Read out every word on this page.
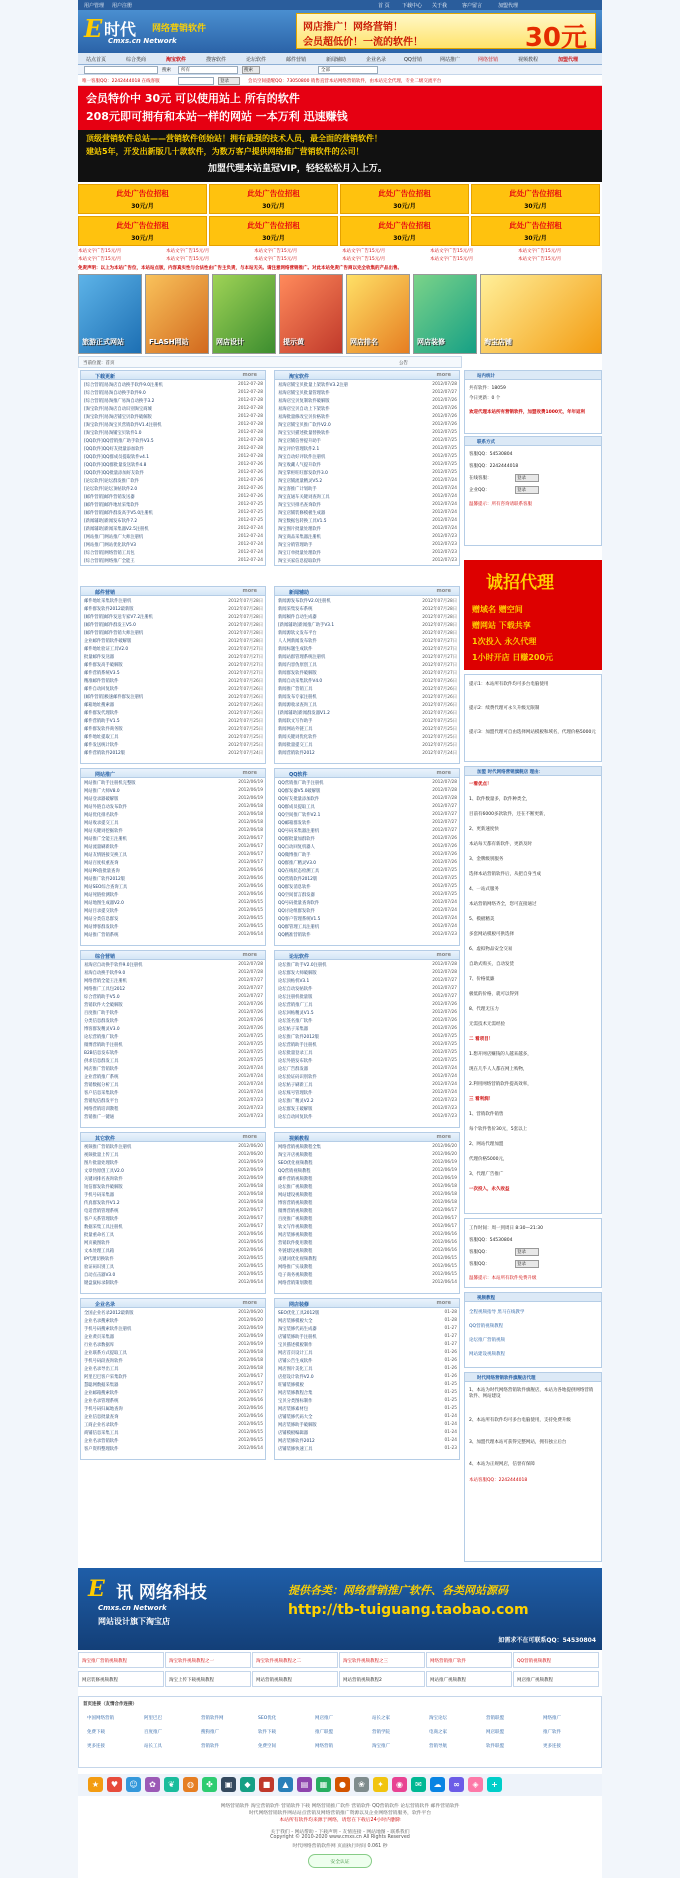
用户管理 用户注册	首 页 下载中心 关于我	客户留言	加盟代理
E 时代 网络营销软件
Cmxs.cn Network
网店推广！网络营销！
会员超低价！一流的软件！	30元
站点首页	综合类商	淘宝软件	搜客软件	论坛软件	邮件营销	新闻辅助	企业名录	QQ营销	网站推广	网络营销	视频教程	加盟代理
搜索	所有	搜索	全部
唯一客服QQ：2242444018 在线客服	登录	会员空间提醒QQ：73050800 销售直营本站网络营销软件，由本站完全代理，专业二级交流平台
会员特价中 30元 可以使用站上 所有的软件
208元即可拥有和本站一样的网站 一本万利 迅速赚钱
顶级营销软件总站——营销软件创始站！拥有最强的技术人员，最全面的营销软件！
建站5年，开发出新版几十款软件，为数万客户提供网络推广营销软件的公司！
加盟代理本站皇冠VIP，轻轻松松月入上万。
此处广告位招租
30元/月
此处广告位招租
30元/月
此处广告位招租
30元/月
此处广告位招租
30元/月
此处广告位招租
30元/月
此处广告位招租
30元/月
此处广告位招租
30元/月
此处广告位招租
30元/月
本站文字广告15元/月	本站文字广告15元/月	本站文字广告15元/月	本站文字广告15元/月	本站文字广告15元/月	本站文字广告15元/月
本站文字广告15元/月	本站文字广告15元/月	本站文字广告15元/月	本站文字广告15元/月	本站文字广告15元/月	本站文字广告15元/月
免责声明：以上为本站广告位，本站站点版，内容真实性与合法性由广告主负责，与本站无关。请注意网络营销推广。对此本站免责广告商以完全收集的产品出售。
旅游正式网站	FLASH网站	网店设计	提示黄	网店排名	网店装修	淘宝店铺
当前位置：首页	公告
下载更新	more
[综合营销]易淘店自动换手软件9.0注册机	2012-07-28
[综合营销]易淘自动换手软件9.0	2012-07-28
[综合营销]易淘推广易淘自动换手3.2	2012-07-28
[淘宝软件]易淘店自动识别淘宝商城	2012-07-28
[淘宝软件]易淘店铺宝贝软件破解版	2012-07-28
[淘宝软件]易淘宝贝营销软件V1.4注册机	2012-07-28
[淘宝软件]易淘铺宝贝软件1.0	2012-07-28
[QQ软件]QQ营销推广助手软件V3.5	2012-07-28
[QQ软件]QQ好友批量添加软件	2012-07-28
[QQ软件]QQ群成员提取软件v4.1	2012-07-28
[QQ软件]QQ群批量发送软件4.8	2012-07-26
[QQ软件]QQ批量添加好友软件	2012-07-26
[论坛软件]论坛群发推广软件	2012-07-26
[论坛软件]论坛顶帖软件2.0	2012-07-26
[邮件营销]邮件营销发送器	2012-07-26
[邮件营销]邮件地址采集软件	2012-07-25
[邮件营销]邮件群发高手V5.0注册机	2012-07-25
[新闻辅助]新闻发布软件7.2	2012-07-25
[新闻辅助]新闻采集器V2.5注册机	2012-07-24
[网站推广]网站推广大师注册机	2012-07-24
[网站推广]网站优化软件V3	2012-07-24
[综合营销]网络营销工具包	2012-07-24
[综合营销]网络推广全能王	2012-07-24
淘宝软件	more
易淘店铺宝贝批量上架软件V3.2注册	2012/07/28
易淘店铺宝贝批量管理软件	2012/07/27
易淘店宝贝复制软件破解版	2012/07/26
易淘店宝贝自动上下架软件	2012/07/26
易淘批量修改宝贝价格软件	2012/07/26
淘宝店铺宝贝推广软件V2.0	2012/07/26
淘宝宝贝描述批量替换软件	2012/07/25
淘宝店铺信誉提升助手	2012/07/25
淘宝评价管理软件2.1	2012/07/25
淘宝自动好评软件注册机	2012/07/25
淘宝收藏人气提升软件	2012/07/25
淘宝掌柜旺旺群发软件3.0	2012/07/25
淘宝店铺流量精灵V5.2	2012/07/24
淘宝客推广计划助手	2012/07/24
淘宝直通车关键词查询工具	2012/07/24
淘宝宝贝排名查询软件	2012/07/24
淘宝店铺装修模板生成器	2012/07/24
淘宝数据包转换工具V1.5	2012/07/24
淘宝图片批量处理软件	2012/07/24
淘宝商品采集器注册机	2012/07/23
淘宝分销管理助手	2012/07/23
淘宝订单批量处理软件	2012/07/23
淘宝买家信息提取软件	2012/07/23
邮件营销	more
邮件地址采集软件注册机	2012年07月28日
邮件群发软件2012最新版	2012年07月28日
[邮件营销]邮件发送专家V7.2注册机	2012年07月28日
[邮件营销]邮件群发王V5.0	2012年07月28日
[邮件营销]邮件营销大师注册机	2012年07月28日
企业邮件营销软件破解版	2012年07月28日
邮件地址验证工具V2.0	2012年07月27日
批量邮件发送器	2012年07月27日
邮件群发高手破解版	2012年07月27日
邮件营销系统V3.5	2012年07月27日
精准邮件营销软件	2012年07月26日
邮件自动回复软件	2012年07月26日
[邮件营销]极速邮件群发注册机	2012年07月26日
邮箱地址搜索器	2012年07月26日
邮件群发代理软件	2012年07月26日
邮件营销助手V1.5	2012年07月25日
邮件群发软件商务版	2012年07月25日
邮件地址提取工具	2012年07月25日
邮件发送统计软件	2012年07月25日
邮件营销软件2012版	2012年07月24日
新闻辅助	more
新闻源发布软件V2.0注册机	2012年07月28日
新闻采集发布系统	2012年07月28日
新闻稿件自动生成器	2012年07月28日
[新闻辅助]新闻推广助手V3.1	2012年07月28日
新闻源软文发布平台	2012年07月28日
人人网新闻发布软件	2012年07月27日
新闻标题生成软件	2012年07月27日
新闻站群管理系统注册机	2012年07月27日
新闻内容伪原创工具	2012年07月27日
新闻群发软件破解版	2012年07月27日
新闻自动采集软件V4.0	2012年07月26日
新闻推广营销工具	2012年07月26日
新闻发布专家注册机	2012年07月26日
新闻源收录查询工具	2012年07月26日
[新闻辅助]新闻群发器V1.2	2012年07月26日
新闻软文写作助手	2012年07月25日
新闻网站外链工具	2012年07月25日
新闻关键词优化软件	2012年07月25日
新闻批量提交工具	2012年07月25日
新闻营销软件2012	2012年07月24日
网站推广	more
网站推广助手注册机完整版	2012/06/19
网站推广大师V8.0	2012/06/19
网站登录器破解版	2012/06/19
网站外链自动发布软件	2012/06/18
网站优化排名软件	2012/06/18
网站收录提交工具	2012/06/18
网站关键词挖掘软件	2012/06/18
网站推广全能王注册机	2012/06/17
网站流量刷新软件	2012/06/17
网站友情链接交换工具	2012/06/17
网站百度权重查询	2012/06/17
网站PR值批量查询	2012/06/16
网站推广软件2012版	2012/06/16
网站SEO综合查询工具	2012/06/16
网站死链检测软件	2012/06/16
网站地图生成器V2.0	2012/06/15
网站目录提交软件	2012/06/15
网站分类信息群发	2012/06/15
网站博客群发软件	2012/06/15
网站推广营销系统	2012/06/14
QQ软件	more
QQ营销推广助手注册机	2012/07/28
QQ群发器V5.0破解版	2012/07/28
QQ好友批量添加软件	2012/07/28
QQ群成员提取工具	2012/07/27
QQ空间推广软件V2.1	2012/07/27
QQ邮箱群发软件	2012/07/27
QQ号码采集器注册机	2012/07/27
QQ群批量加群软件	2012/07/26
QQ自动回复机器人	2012/07/26
QQ微博推广助手	2012/07/26
QQ群推广精灵V3.0	2012/07/26
QQ在线状态检测工具	2012/07/25
QQ营销软件2012版	2012/07/25
QQ群发消息软件	2012/07/25
QQ空间留言群发器	2012/07/25
QQ号码批量查询软件	2012/07/24
QQ讨论组群发软件	2012/07/24
QQ客户管理系统V1.5	2012/07/24
QQ群管理工具注册机	2012/07/24
QQ精准营销软件	2012/07/23
综合营销	more
易淘店自动换手软件9.0注册机	2012/07/28
易淘自动换手软件9.0	2012/07/28
网络营销全能王注册机	2012/07/27
网络推广工具包2012	2012/07/27
综合营销助手V5.0	2012/07/27
营销软件大全破解版	2012/07/26
百度推广助手软件	2012/07/26
分类信息群发软件	2012/07/26
博客群发精灵V3.0	2012/07/26
论坛营销推广软件	2012/07/25
微博营销助手注册机	2012/07/25
B2B信息发布软件	2012/07/25
供求信息群发工具	2012/07/25
网店推广营销软件	2012/07/24
企业营销推广系统	2012/07/24
营销数据分析工具	2012/07/24
客户信息采集软件	2012/07/24
营销短信群发平台	2012/07/23
网络营销培训教程	2012/07/23
营销推广一键通	2012/07/23
论坛软件	more
论坛推广助手V2.0注册机	2012/07/28
论坛群发大师破解版	2012/07/28
论坛顶帖机V3.1	2012/07/27
论坛自动发帖软件	2012/07/27
论坛注册机批量版	2012/07/27
论坛营销推广工具	2012/07/26
论坛回帖精灵V1.5	2012/07/26
论坛签名推广软件	2012/07/26
论坛帖子采集器	2012/07/26
论坛推广软件2012版	2012/07/25
论坛营销助手注册机	2012/07/25
论坛批量登录工具	2012/07/25
论坛外链发布软件	2012/07/25
论坛广告群发器	2012/07/24
论坛验证码识别软件	2012/07/24
论坛帖子刷新工具	2012/07/24
论坛账号管理软件	2012/07/24
论坛推广精灵V2.2	2012/07/23
论坛群发王破解版	2012/07/23
论坛自动回复软件	2012/07/23
其它软件	more
视频推广营销软件注册机	2012/06/20
视频批量上传工具	2012/06/20
图片批量处理软件	2012/06/19
文章伪原创工具V2.0	2012/06/19
关键词排名查询软件	2012/06/19
短信群发软件破解版	2012/06/18
手机号码采集器	2012/06/18
传真群发软件V1.2	2012/06/18
电话营销管理系统	2012/06/17
客户关系管理软件	2012/06/17
数据采集工具注册机	2012/06/17
批量重命名工具	2012/06/16
网页截图软件	2012/06/16
文本处理工具箱	2012/06/16
IP代理切换软件	2012/06/15
验证码识别工具	2012/06/15
自动点击器V3.0	2012/06/15
键盘鼠标录制软件	2012/06/14
视频教程	more
网络营销视频教程全集	2012/06/20
淘宝开店视频教程	2012/06/20
SEO优化视频教程	2012/06/19
QQ营销视频教程	2012/06/19
邮件营销视频教程	2012/06/19
论坛推广视频教程	2012/06/18
网站建设视频教程	2012/06/18
博客营销视频教程	2012/06/18
微博营销视频教程	2012/06/17
百度推广视频教程	2012/06/17
软文写作视频教程	2012/06/17
网店装修视频教程	2012/06/16
营销软件使用教程	2012/06/16
外链建设视频教程	2012/06/16
关键词优化视频教程	2012/06/15
网络推广实战教程	2012/06/15
电子商务视频教程	2012/06/15
网络营销策划教程	2012/06/14
企业名录	more
全国企业名录2012最新版	2012/06/20
企业名录搜索软件	2012/06/20
手机号码搜索软件注册机	2012/06/19
企业黄页采集器	2012/06/19
行业名录数据库	2012/06/19
企业联系方式提取工具	2012/06/18
手机号码段查询软件	2012/06/18
企业名录导出工具	2012/06/18
阿里巴巴客户采集软件	2012/06/17
慧聪网数据采集器	2012/06/17
企业邮箱搜索软件	2012/06/17
企业名录管理系统	2012/06/16
手机号码归属地查询	2012/06/16
企业信息批量查询	2012/06/16
工商企业名录软件	2012/06/15
商铺信息采集工具	2012/06/15
企业名录营销软件	2012/06/15
客户资料整理软件	2012/06/14
网店装修	more
SEO优化工具2012版	01-28
网店装修模板大全	01-28
淘宝装修代码生成器	01-27
店铺装修助手注册机	01-27
宝贝描述模板制作	01-27
网店首页设计工具	01-26
店铺公告生成软件	01-26
网店图片美化工具	01-26
店招设计软件V2.0	01-26
旺铺装修模板	01-25
网店装修教程合集	01-25
宝贝分类图标制作	01-25
网店装修素材包	01-25
店铺装修代码大全	01-24
网店装修助手破解版	01-24
店铺模板编辑器	01-24
网店装修软件2012	01-24
店铺装修快速工具	01-23
站内统计
共有软件：18059
今日更新：0 个
欢迎代理本站所有营销软件，加盟收费1000元，年年返利
联系方式
客服QQ：54530804
客服QQ：2242444018
在线客服：	登录
企业QQ：	登录
温馨提示：所有咨询请联系客服
诚招代理
赠域名 赠空间
赠网站 下载共享
1次投入 永久代理
1小时开店 日赚200元
提示1：本站所有软件均可多台电脑使用
提示2：续费代理可永久升级无限制
提示3：加盟代理可自由选择网站模板和域名，代理价格5000元
加盟 时代网络营销旗舰店 理由：
一看优点！
1、软件数量多，软件种类全，
目前有6000多款软件，还在不断更新，
2、更新速度快
本站每天都有新软件，更新及时
3、金牌级别服务
选择本站营销软件后，从把自身当成
4、一站式服务
本站营销网络齐全，您可直接通过
5、模板精美
多套网站模板可供选择
6、虚拟物品安全交易
自助式购买，自动发货
7、价格低廉
极低的价格，就可以得到
8、代理无压力
无需技术无需经验
二 看项目！
1.想开网店赚钱的人越来越多，
现在几乎人人都在网上购物，
2.利用网络营销软件提高效率，
三 看利润！
1、营销软件销售
每个软件售价30元，5套以上
2、网站代理加盟
代理价格5000元，
3、代理广告推广
一次投入，永久收益
工作时间：周一到周日 8:30—21:30
客服QQ：54530804
客服QQ：	登录
客服QQ：	登录
温馨提示：本站所有软件免费升级
视频教程
全程视频指导 黑马在线教学
QQ营销视频教程
论坛推广营销视频
网站建设视频教程
时代网络营销软件旗舰店代理
1、本站为时代网络营销软件旗舰店，本站为各地提供网络营销软件、网站建设
2、本站所有软件均可多台电脑使用，支持免费升级
3、加盟代理本站可获得完整网站，拥有独立后台
4、本站为正规网店，信誉有保障
本站客服QQ：2242444018
E 讯 网络科技
Cmxs.cn Network
网站设计旗下淘宝店
提供各类：网络营销推广软件、各类网站源码
http://tb-tuiguang.taobao.com
如需求不在可联系QQ：54530804
淘宝推广营销视频教程	淘宝软件视频教程之一	淘宝软件视频教程之二	淘宝软件视频教程之三	网络营销推广软件	QQ营销视频教程
网店装修视频教程	淘宝上传下载视频教程	网站营销视频教程	网站营销视频教程2	网站推广视频教程	网店推广视频教程
首页连接（友情合作连接）
中国网络营销	阿里巴巴	营销软件网	SEO优化	网店推广	站长之家	淘宝论坛	营销联盟	网络推广
免费下载	百度推广	搜狗推广	软件下载	推广联盟	营销学院	电商之家	网店联盟	推广软件
更多连接	站长工具	营销软件	免费空间	网络营销	淘宝推广	营销导航	软件联盟	更多连接
★	♥	☺	✿	❦	◍	✤	▣	◆	■	▲	▤	▦	●	❀	✦	◉	✉	☁	∞	◈	+
网络营销软件 淘宝营销软件 营销软件下载 网络营销推广软件 营销软件 QQ营销软件 论坛营销软件 邮件营销软件
时代网络营销软件网站站点营销及网络营销推广资源以及企业网络营销服务，软件平台
本站所有软件均来源于网络，请您在下载后24小时内删除
关于我们 - 网站帮助 - 下载声明 - 友情连接 - 网站地图 - 联系我们
Copyright © 2010-2020 www.cmxs.cn All Rights Reserved
时代网络营销软件网 页面执行时间 0.061 秒
安全认证
